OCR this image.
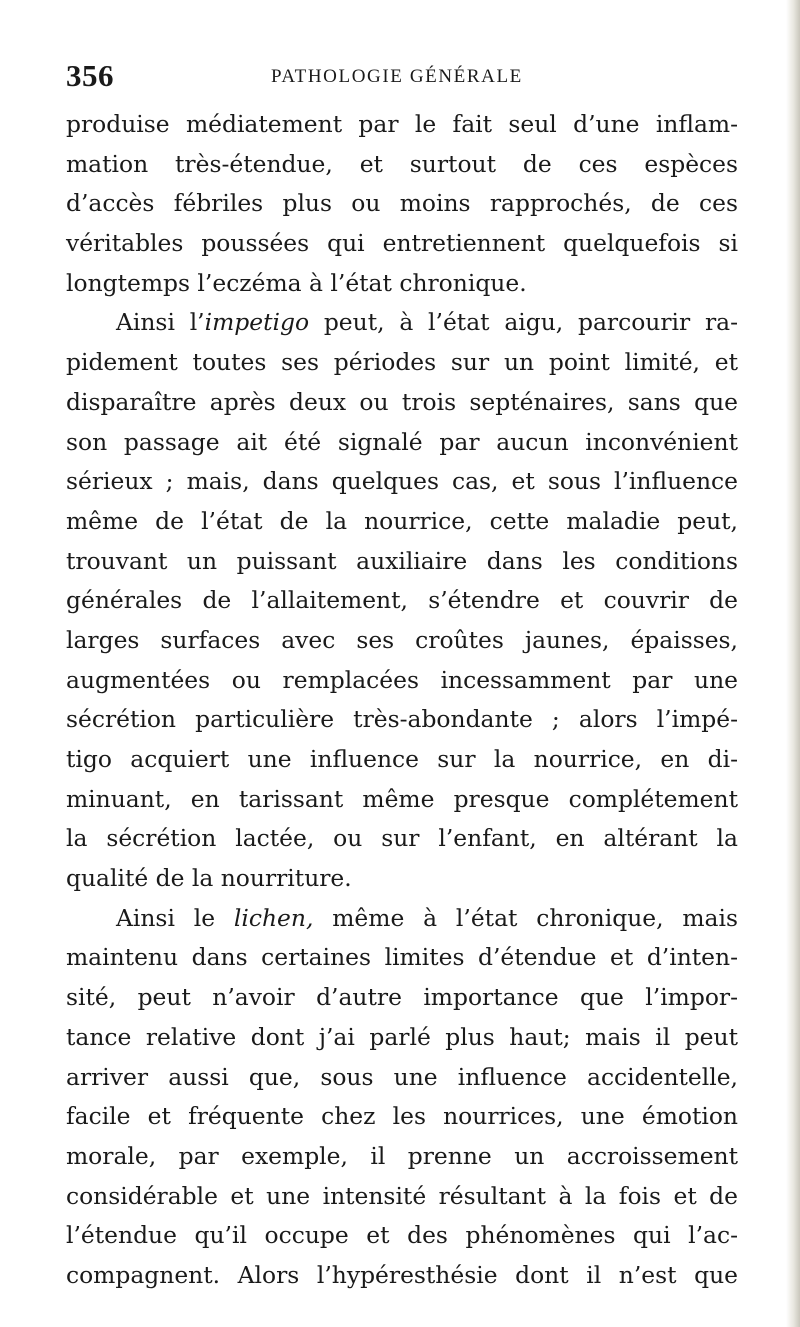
356	PATHOLOGIE GÉNÉRALE
produise médiatement par le fait seul d’une inflam-
mation très-étendue, et surtout de ces espèces
d’accès fébriles plus ou moins rapprochés, de ces
véritables poussées qui entretiennent quelquefois si
longtemps l’eczéma à l’état chronique.
Ainsi l’impetigo peut, à l’état aigu, parcourir ra-
pidement toutes ses périodes sur un point limité, et
disparaître après deux ou trois septénaires, sans que
son passage ait été signalé par aucun inconvénient
sérieux ; mais, dans quelques cas, et sous l’influence
même de l’état de la nourrice, cette maladie peut,
trouvant un puissant auxiliaire dans les conditions
générales de l’allaitement, s’étendre et couvrir de
larges surfaces avec ses croûtes jaunes, épaisses,
augmentées ou remplacées incessamment par une
sécrétion particulière très-abondante ; alors l’impé-
tigo acquiert une influence sur la nourrice, en di-
minuant, en tarissant même presque complétement
la sécrétion lactée, ou sur l’enfant, en altérant la
qualité de la nourriture.
Ainsi le lichen, même à l’état chronique, mais
maintenu dans certaines limites d’étendue et d’inten-
sité, peut n’avoir d’autre importance que l’impor-
tance relative dont j’ai parlé plus haut; mais il peut
arriver aussi que, sous une influence accidentelle,
facile et fréquente chez les nourrices, une émotion
morale, par exemple, il prenne un accroissement
considérable et une intensité résultant à la fois et de
l’étendue qu’il occupe et des phénomènes qui l’ac-
compagnent. Alors l’hypéresthésie dont il n’est que
